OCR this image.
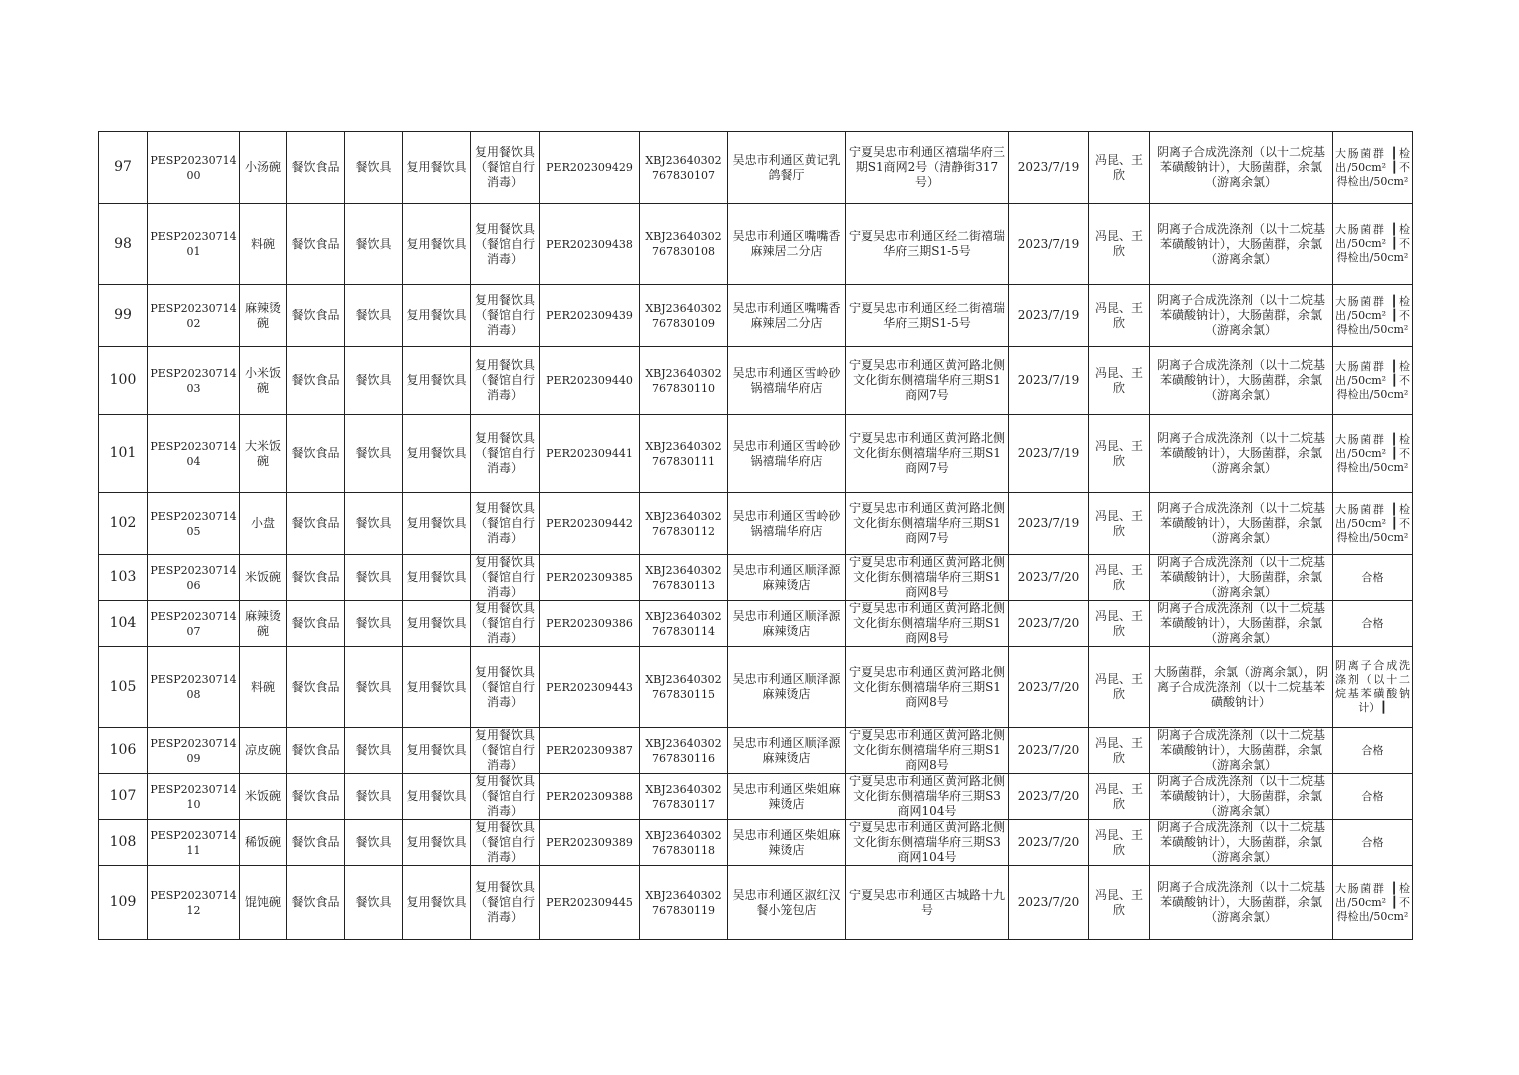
97	PESP2023071400	小汤碗	餐饮食品	餐饮具	复用餐饮具	复用餐饮具（餐馆自行消毒）	PER202309429	XBJ23640302767830107	吴忠市利通区黄记乳鸽餐厅	宁夏吴忠市利通区禧瑞华府三期S1商网2号（清静街317号）	2023/7/19	冯昆、王欣	阴离子合成洗涤剂（以十二烷基苯磺酸钠计），大肠菌群，余氯（游离余氯）	大肠菌群 ┃检出/50cm² ┃不得检出/50cm²
98	PESP2023071401	料碗	餐饮食品	餐饮具	复用餐饮具	复用餐饮具（餐馆自行消毒）	PER202309438	XBJ23640302767830108	吴忠市利通区嘴嘴香麻辣居二分店	宁夏吴忠市利通区经二街禧瑞华府三期S1-5号	2023/7/19	冯昆、王欣	阴离子合成洗涤剂（以十二烷基苯磺酸钠计），大肠菌群，余氯（游离余氯）	大肠菌群 ┃检出/50cm² ┃不得检出/50cm²
99	PESP2023071402	麻辣烫碗	餐饮食品	餐饮具	复用餐饮具	复用餐饮具（餐馆自行消毒）	PER202309439	XBJ23640302767830109	吴忠市利通区嘴嘴香麻辣居二分店	宁夏吴忠市利通区经二街禧瑞华府三期S1-5号	2023/7/19	冯昆、王欣	阴离子合成洗涤剂（以十二烷基苯磺酸钠计），大肠菌群，余氯（游离余氯）	大肠菌群 ┃检出/50cm² ┃不得检出/50cm²
100	PESP2023071403	小米饭碗	餐饮食品	餐饮具	复用餐饮具	复用餐饮具（餐馆自行消毒）	PER202309440	XBJ23640302767830110	吴忠市利通区雪岭砂锅禧瑞华府店	宁夏吴忠市利通区黄河路北侧文化街东侧禧瑞华府三期S1商网7号	2023/7/19	冯昆、王欣	阴离子合成洗涤剂（以十二烷基苯磺酸钠计），大肠菌群，余氯（游离余氯）	大肠菌群 ┃检出/50cm² ┃不得检出/50cm²
101	PESP2023071404	大米饭碗	餐饮食品	餐饮具	复用餐饮具	复用餐饮具（餐馆自行消毒）	PER202309441	XBJ23640302767830111	吴忠市利通区雪岭砂锅禧瑞华府店	宁夏吴忠市利通区黄河路北侧文化街东侧禧瑞华府三期S1商网7号	2023/7/19	冯昆、王欣	阴离子合成洗涤剂（以十二烷基苯磺酸钠计），大肠菌群，余氯（游离余氯）	大肠菌群 ┃检出/50cm² ┃不得检出/50cm²
102	PESP2023071405	小盘	餐饮食品	餐饮具	复用餐饮具	复用餐饮具（餐馆自行消毒）	PER202309442	XBJ23640302767830112	吴忠市利通区雪岭砂锅禧瑞华府店	宁夏吴忠市利通区黄河路北侧文化街东侧禧瑞华府三期S1商网7号	2023/7/19	冯昆、王欣	阴离子合成洗涤剂（以十二烷基苯磺酸钠计），大肠菌群，余氯（游离余氯）	大肠菌群 ┃检出/50cm² ┃不得检出/50cm²
103	PESP2023071406	米饭碗	餐饮食品	餐饮具	复用餐饮具	复用餐饮具（餐馆自行消毒）	PER202309385	XBJ23640302767830113	吴忠市利通区顺泽源麻辣烫店	宁夏吴忠市利通区黄河路北侧文化街东侧禧瑞华府三期S1商网8号	2023/7/20	冯昆、王欣	阴离子合成洗涤剂（以十二烷基苯磺酸钠计），大肠菌群，余氯（游离余氯）	合格
104	PESP2023071407	麻辣烫碗	餐饮食品	餐饮具	复用餐饮具	复用餐饮具（餐馆自行消毒）	PER202309386	XBJ23640302767830114	吴忠市利通区顺泽源麻辣烫店	宁夏吴忠市利通区黄河路北侧文化街东侧禧瑞华府三期S1商网8号	2023/7/20	冯昆、王欣	阴离子合成洗涤剂（以十二烷基苯磺酸钠计），大肠菌群，余氯（游离余氯）	合格
105	PESP2023071408	料碗	餐饮食品	餐饮具	复用餐饮具	复用餐饮具（餐馆自行消毒）	PER202309443	XBJ23640302767830115	吴忠市利通区顺泽源麻辣烫店	宁夏吴忠市利通区黄河路北侧文化街东侧禧瑞华府三期S1商网8号	2023/7/20	冯昆、王欣	大肠菌群，余氯（游离余氯），阴离子合成洗涤剂（以十二烷基苯磺酸钠计）	阴离子合成洗涤剂（以十二烷基苯磺酸钠计）┃
106	PESP2023071409	凉皮碗	餐饮食品	餐饮具	复用餐饮具	复用餐饮具（餐馆自行消毒）	PER202309387	XBJ23640302767830116	吴忠市利通区顺泽源麻辣烫店	宁夏吴忠市利通区黄河路北侧文化街东侧禧瑞华府三期S1商网8号	2023/7/20	冯昆、王欣	阴离子合成洗涤剂（以十二烷基苯磺酸钠计），大肠菌群，余氯（游离余氯）	合格
107	PESP2023071410	米饭碗	餐饮食品	餐饮具	复用餐饮具	复用餐饮具（餐馆自行消毒）	PER202309388	XBJ23640302767830117	吴忠市利通区柴姐麻辣烫店	宁夏吴忠市利通区黄河路北侧文化街东侧禧瑞华府三期S3商网104号	2023/7/20	冯昆、王欣	阴离子合成洗涤剂（以十二烷基苯磺酸钠计），大肠菌群，余氯（游离余氯）	合格
108	PESP2023071411	稀饭碗	餐饮食品	餐饮具	复用餐饮具	复用餐饮具（餐馆自行消毒）	PER202309389	XBJ23640302767830118	吴忠市利通区柴姐麻辣烫店	宁夏吴忠市利通区黄河路北侧文化街东侧禧瑞华府三期S3商网104号	2023/7/20	冯昆、王欣	阴离子合成洗涤剂（以十二烷基苯磺酸钠计），大肠菌群，余氯（游离余氯）	合格
109	PESP2023071412	馄饨碗	餐饮食品	餐饮具	复用餐饮具	复用餐饮具（餐馆自行消毒）	PER202309445	XBJ23640302767830119	吴忠市利通区淑红汉餐小笼包店	宁夏吴忠市利通区古城路十九号	2023/7/20	冯昆、王欣	阴离子合成洗涤剂（以十二烷基苯磺酸钠计），大肠菌群，余氯（游离余氯）	大肠菌群 ┃检出/50cm² ┃不得检出/50cm²
